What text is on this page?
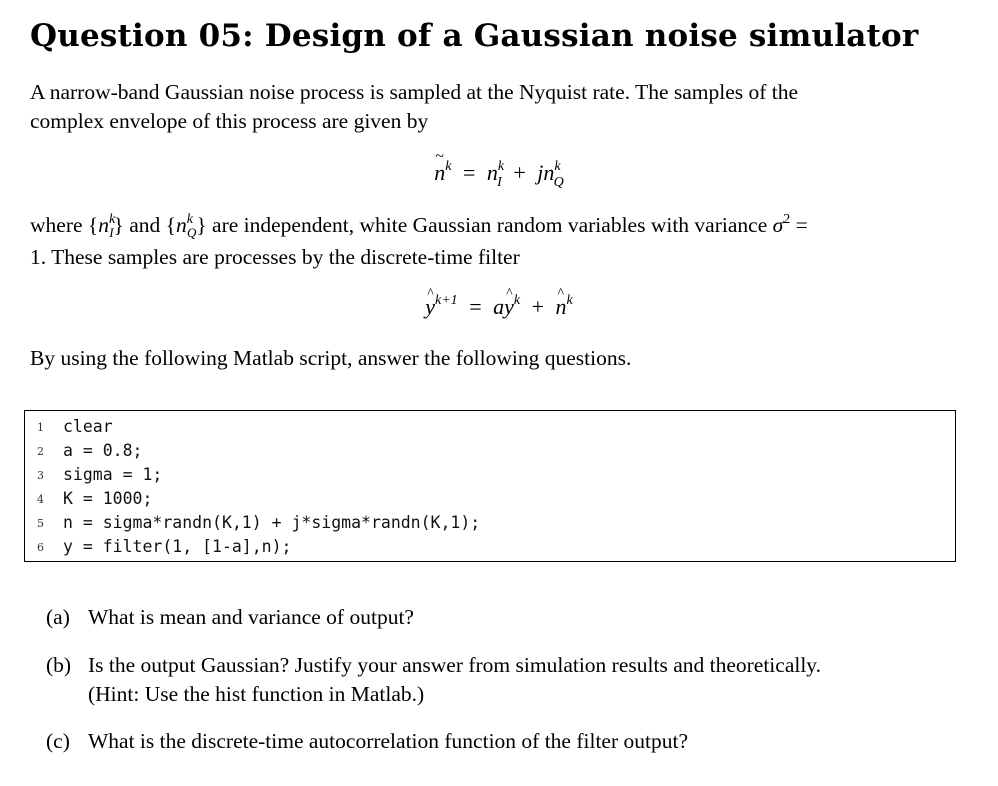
Question 05: Design of a Gaussian noise simulator
A narrow-band Gaussian noise process is sampled at the Nyquist rate. The samples of the
complex envelope of this process are given by
~ $n^k = n^k_I + jn^k_Q$
where $\{n^k_I\}$ and $\{n^k_Q\}$ are independent, white Gaussian random variables with variance $\sigma^2$ =
1. These samples are processes by the discrete-time filter
^ $y^{k+1}$ = a^ $y^k$ + ^ $n^k$
By using the following Matlab script, answer the following questions.

1	clear

2	a = 0.8;

3	sigma = 1;

4	K = 1000;

5	n = sigma*randn(K,1) + j*sigma*randn(K,1);

6	y = filter(1, [1-a],n);

(a) What is mean and variance of output?
(b) Is the output Gaussian? Justify your answer from simulation results and theoretically.
(Hint: Use the hist function in Matlab.)
(c) What is the discrete-time autocorrelation function of the filter output?
